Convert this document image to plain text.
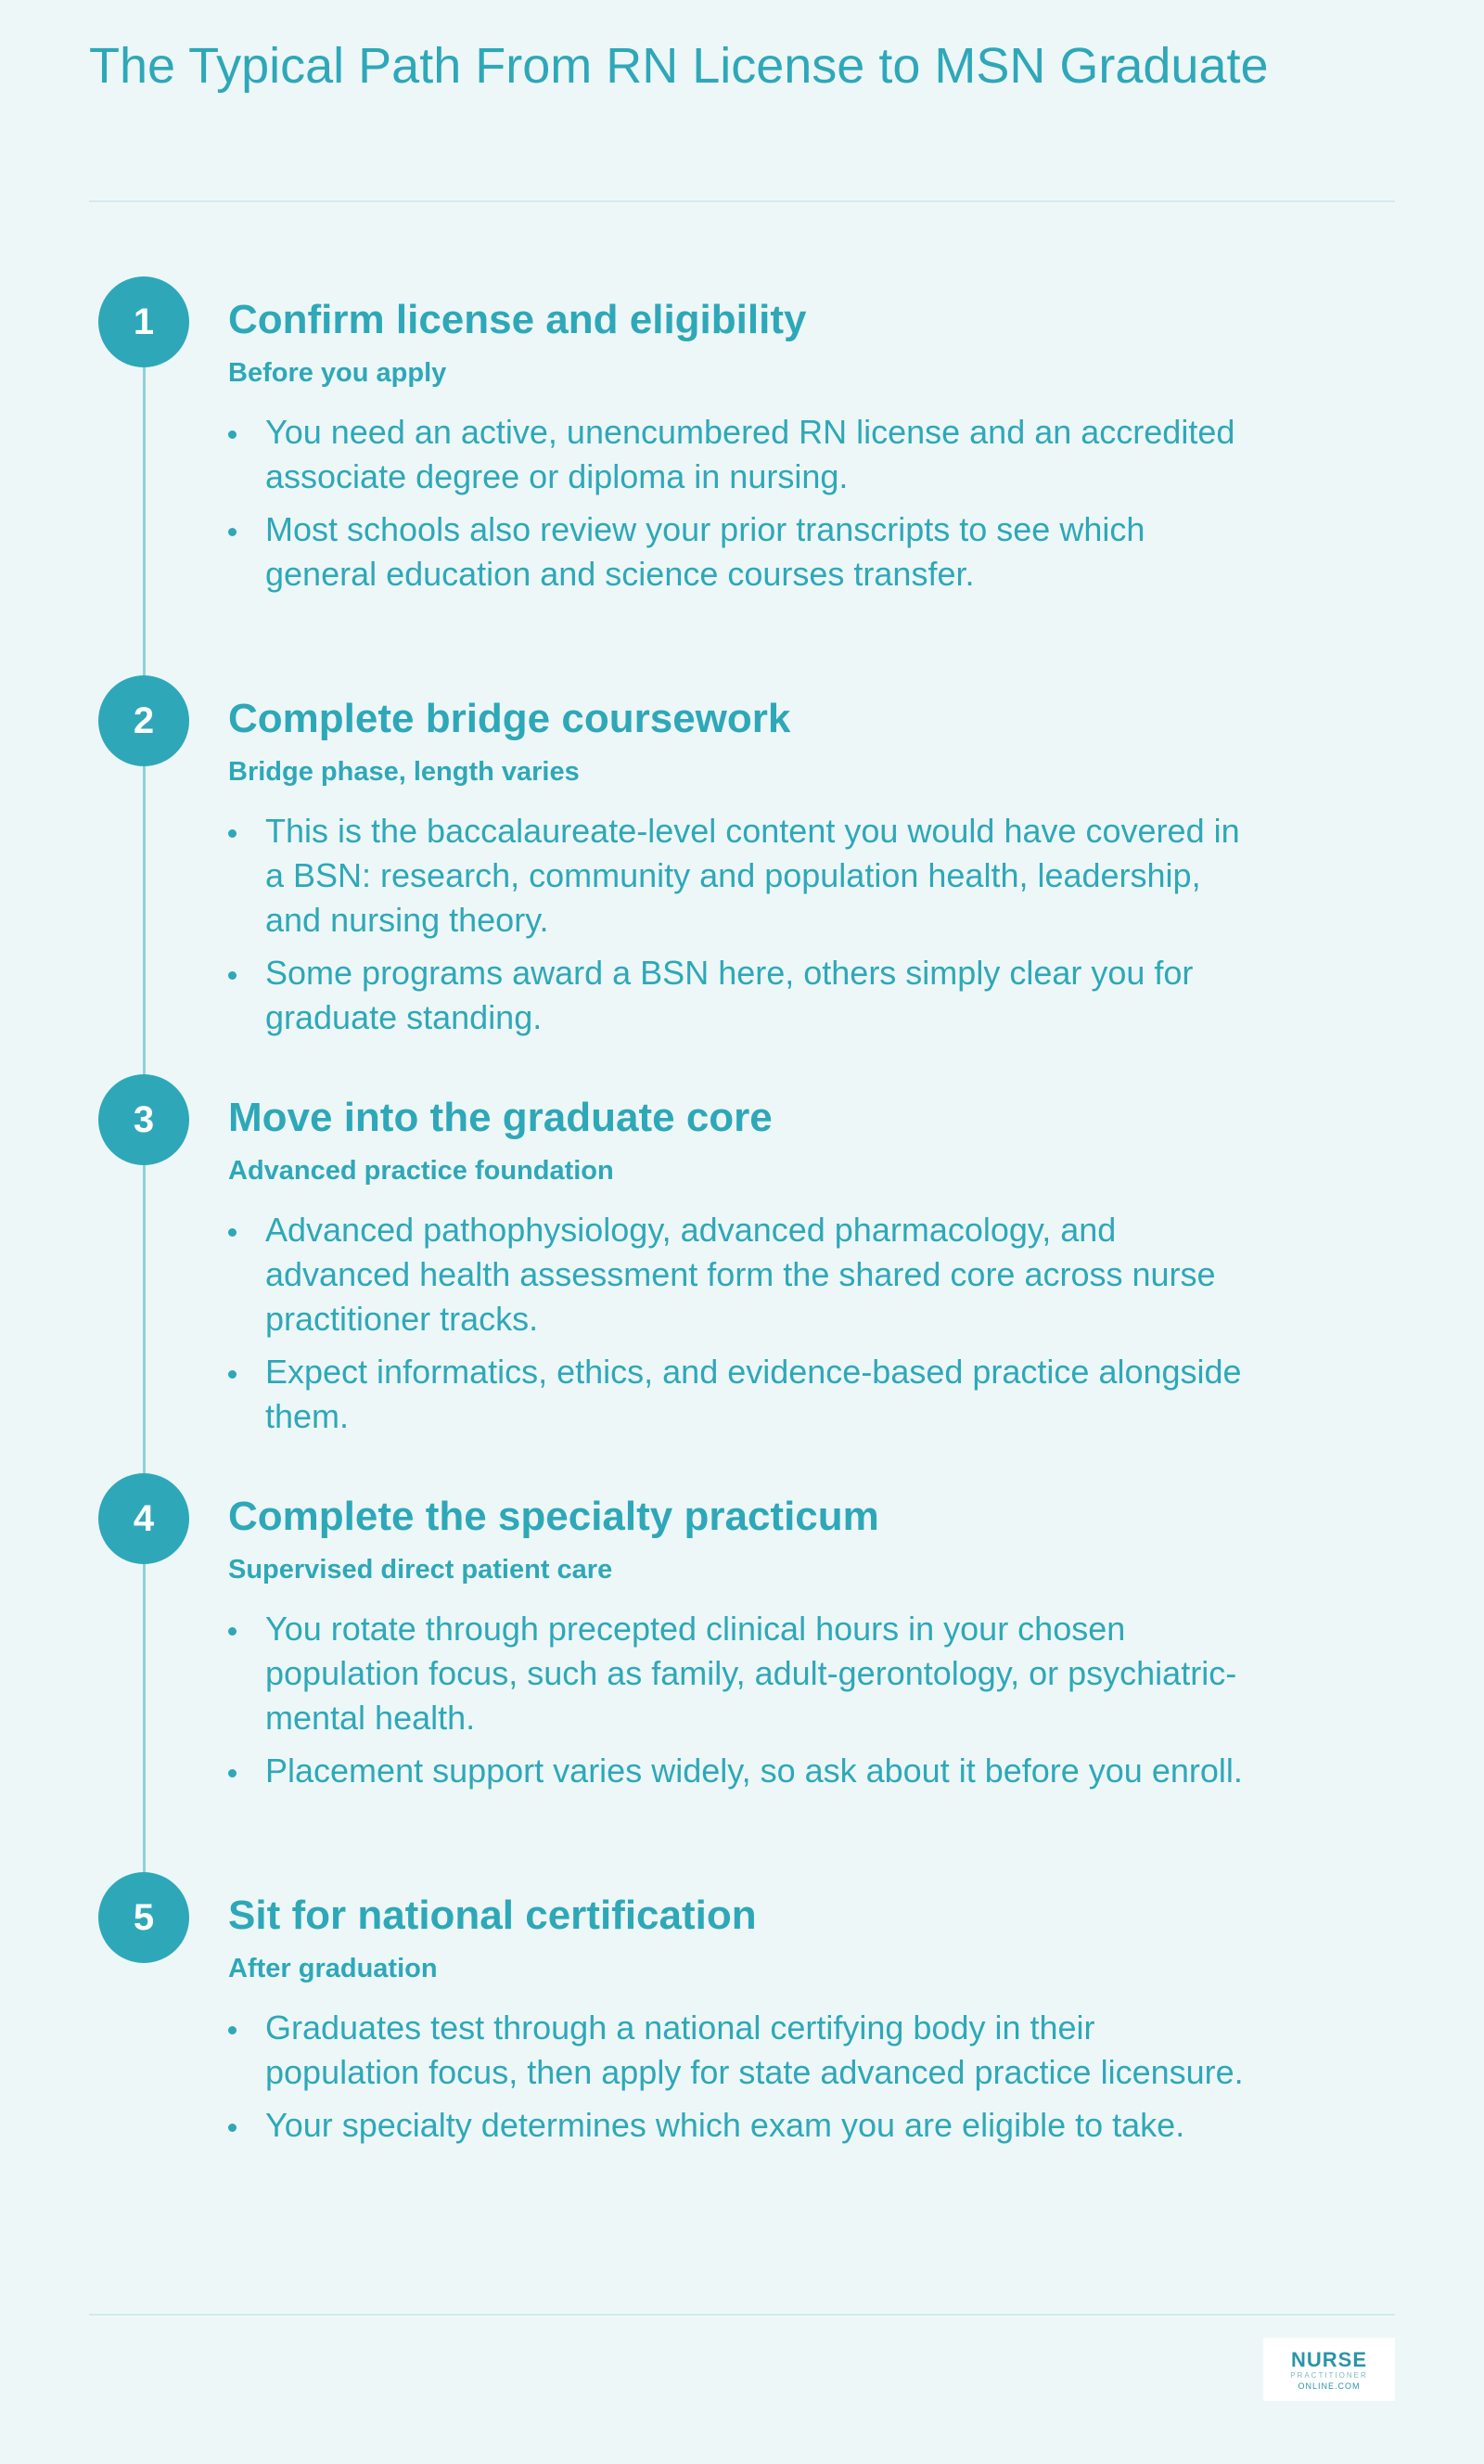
The Typical Path From RN License to MSN Graduate
1	Confirm license and eligibility
Before you apply
You need an active, unencumbered RN license and an accredited associate degree or diploma in nursing.
Most schools also review your prior transcripts to see which general education and science courses transfer.
2	Complete bridge coursework
Bridge phase, length varies
This is the baccalaureate-level content you would have covered in a BSN: research, community and population health, leadership, and nursing theory.
Some programs award a BSN here, others simply clear you for graduate standing.
3	Move into the graduate core
Advanced practice foundation
Advanced pathophysiology, advanced pharmacology, and advanced health assessment form the shared core across nurse practitioner tracks.
Expect informatics, ethics, and evidence-based practice alongside them.
4	Complete the specialty practicum
Supervised direct patient care
You rotate through precepted clinical hours in your chosen population focus, such as family, adult-gerontology, or psychiatric-mental health.
Placement support varies widely, so ask about it before you enroll.
5	Sit for national certification
After graduation
Graduates test through a national certifying body in their population focus, then apply for state advanced practice licensure.
Your specialty determines which exam you are eligible to take.
NURSE
PRACTITIONER
ONLINE.COM
